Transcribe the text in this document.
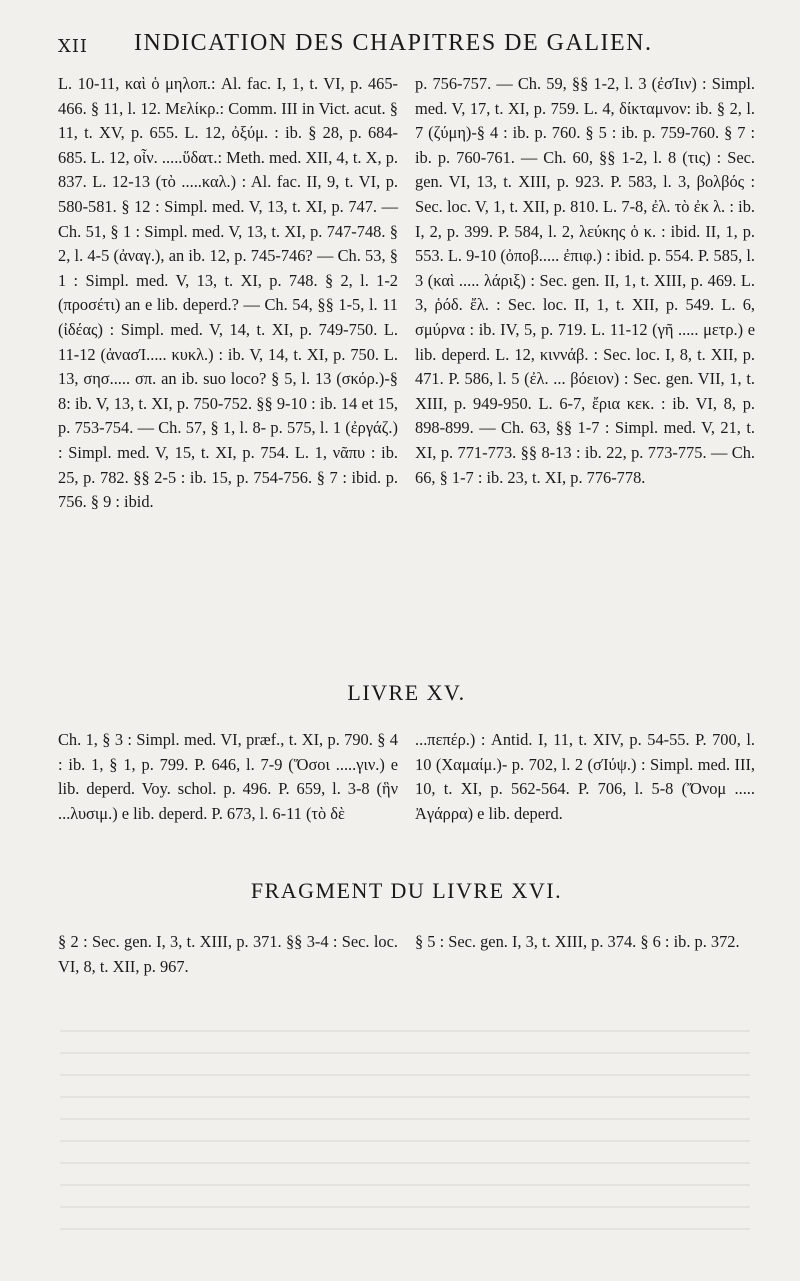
XII INDICATION DES CHAPITRES DE GALIEN.
L. 10-11, καὶ ὁ μηλοπ.: Al. fac. I, 1, t. VI, p. 465-466. § 11, l. 12. Μελίκρ.: Comm. III in Vict. acut. § 11, t. XV, p. 655. L. 12, ὀξύμ. : ib. § 28, p. 684-685. L. 12, οἶν. .....ὕδατ.: Meth. med. XII, 4, t. X, p. 837. L. 12-13 (τὸ .....καλ.) : Al. fac. II, 9, t. VI, p. 580-581. § 12 : Simpl. med. V, 13, t. XI, p. 747. — Ch. 51, § 1 : Simpl. med. V, 13, t. XI, p. 747-748. § 2, l. 4-5 (ἀναγ.), an ib. 12, p. 745-746? — Ch. 53, § 1 : Simpl. med. V, 13, t. XI, p. 748. § 2, l. 1-2 (προσέτι) an e lib. deperd.? — Ch. 54, §§ 1-5, l. 11 (ἰδέας) : Simpl. med. V, 14, t. XI, p. 749-750. L. 11-12 (ἀνασΊ..... κυκλ.) : ib. V, 14, t. XI, p. 750. L. 13, σησ..... σπ. an ib. suo loco? § 5, l. 13 (σκόρ.)-§ 8: ib. V, 13, t. XI, p. 750-752. §§ 9-10 : ib. 14 et 15, p. 753-754. — Ch. 57, § 1, l. 8- p. 575, l. 1 (ἐργάζ.) : Simpl. med. V, 15, t. XI, p. 754. L. 1, νᾶπυ : ib. 25, p. 782. §§ 2-5 : ib. 15, p. 754-756. § 7 : ibid. p. 756. § 9 : ibid.
p. 756-757. — Ch. 59, §§ 1-2, l. 3 (ἐσΊιν) : Simpl. med. V, 17, t. XI, p. 759. L. 4, δίκταμνον: ib. § 2, l. 7 (ζύμη)-§ 4 : ib. p. 760. § 5 : ib. p. 759-760. § 7 : ib. p. 760-761. — Ch. 60, §§ 1-2, l. 8 (τις) : Sec. gen. VI, 13, t. XIII, p. 923. P. 583, l. 3, βολβός : Sec. loc. V, 1, t. XII, p. 810. L. 7-8, ἐλ. τὸ ἐκ λ. : ib. I, 2, p. 399. P. 584, l. 2, λεύκης ὁ κ. : ibid. II, 1, p. 553. L. 9-10 (ὀποβ..... ἐπιφ.) : ibid. p. 554. P. 585, l. 3 (καὶ ..... λάριξ) : Sec. gen. II, 1, t. XIII, p. 469. L. 3, ῥόδ. ἔλ. : Sec. loc. II, 1, t. XII, p. 549. L. 6, σμύρνα : ib. IV, 5, p. 719. L. 11-12 (γῆ ..... μετρ.) e lib. deperd. L. 12, κιννάβ. : Sec. loc. I, 8, t. XII, p. 471. P. 586, l. 5 (ἐλ. ... βόειον) : Sec. gen. VII, 1, t. XIII, p. 949-950. L. 6-7, ἔρια κεκ. : ib. VI, 8, p. 898-899. — Ch. 63, §§ 1-7 : Simpl. med. V, 21, t. XI, p. 771-773. §§ 8-13 : ib. 22, p. 773-775. — Ch. 66, § 1-7 : ib. 23, t. XI, p. 776-778.
LIVRE XV.
Ch. 1, § 3 : Simpl. med. VI, præf., t. XI, p. 790. § 4 : ib. 1, § 1, p. 799. P. 646, l. 7-9 (Ὅσοι .....γιν.) e lib. deperd. Voy. schol. p. 496. P. 659, l. 3-8 (ἣν ...λυσιμ.) e lib. deperd. P. 673, l. 6-11 (τὸ δὲ
...πεπέρ.) : Antid. I, 11, t. XIV, p. 54-55. P. 700, l. 10 (Χαμαίμ.)- p. 702, l. 2 (σΊύψ.) : Simpl. med. III, 10, t. XI, p. 562-564. P. 706, l. 5-8 (Ὄνομ ..... Ἀγάρρα) e lib. deperd.
FRAGMENT DU LIVRE XVI.
§ 2 : Sec. gen. I, 3, t. XIII, p. 371. §§ 3-4 : Sec. loc. VI, 8, t. XII, p. 967.
§ 5 : Sec. gen. I, 3, t. XIII, p. 374. § 6 : ib. p. 372.
